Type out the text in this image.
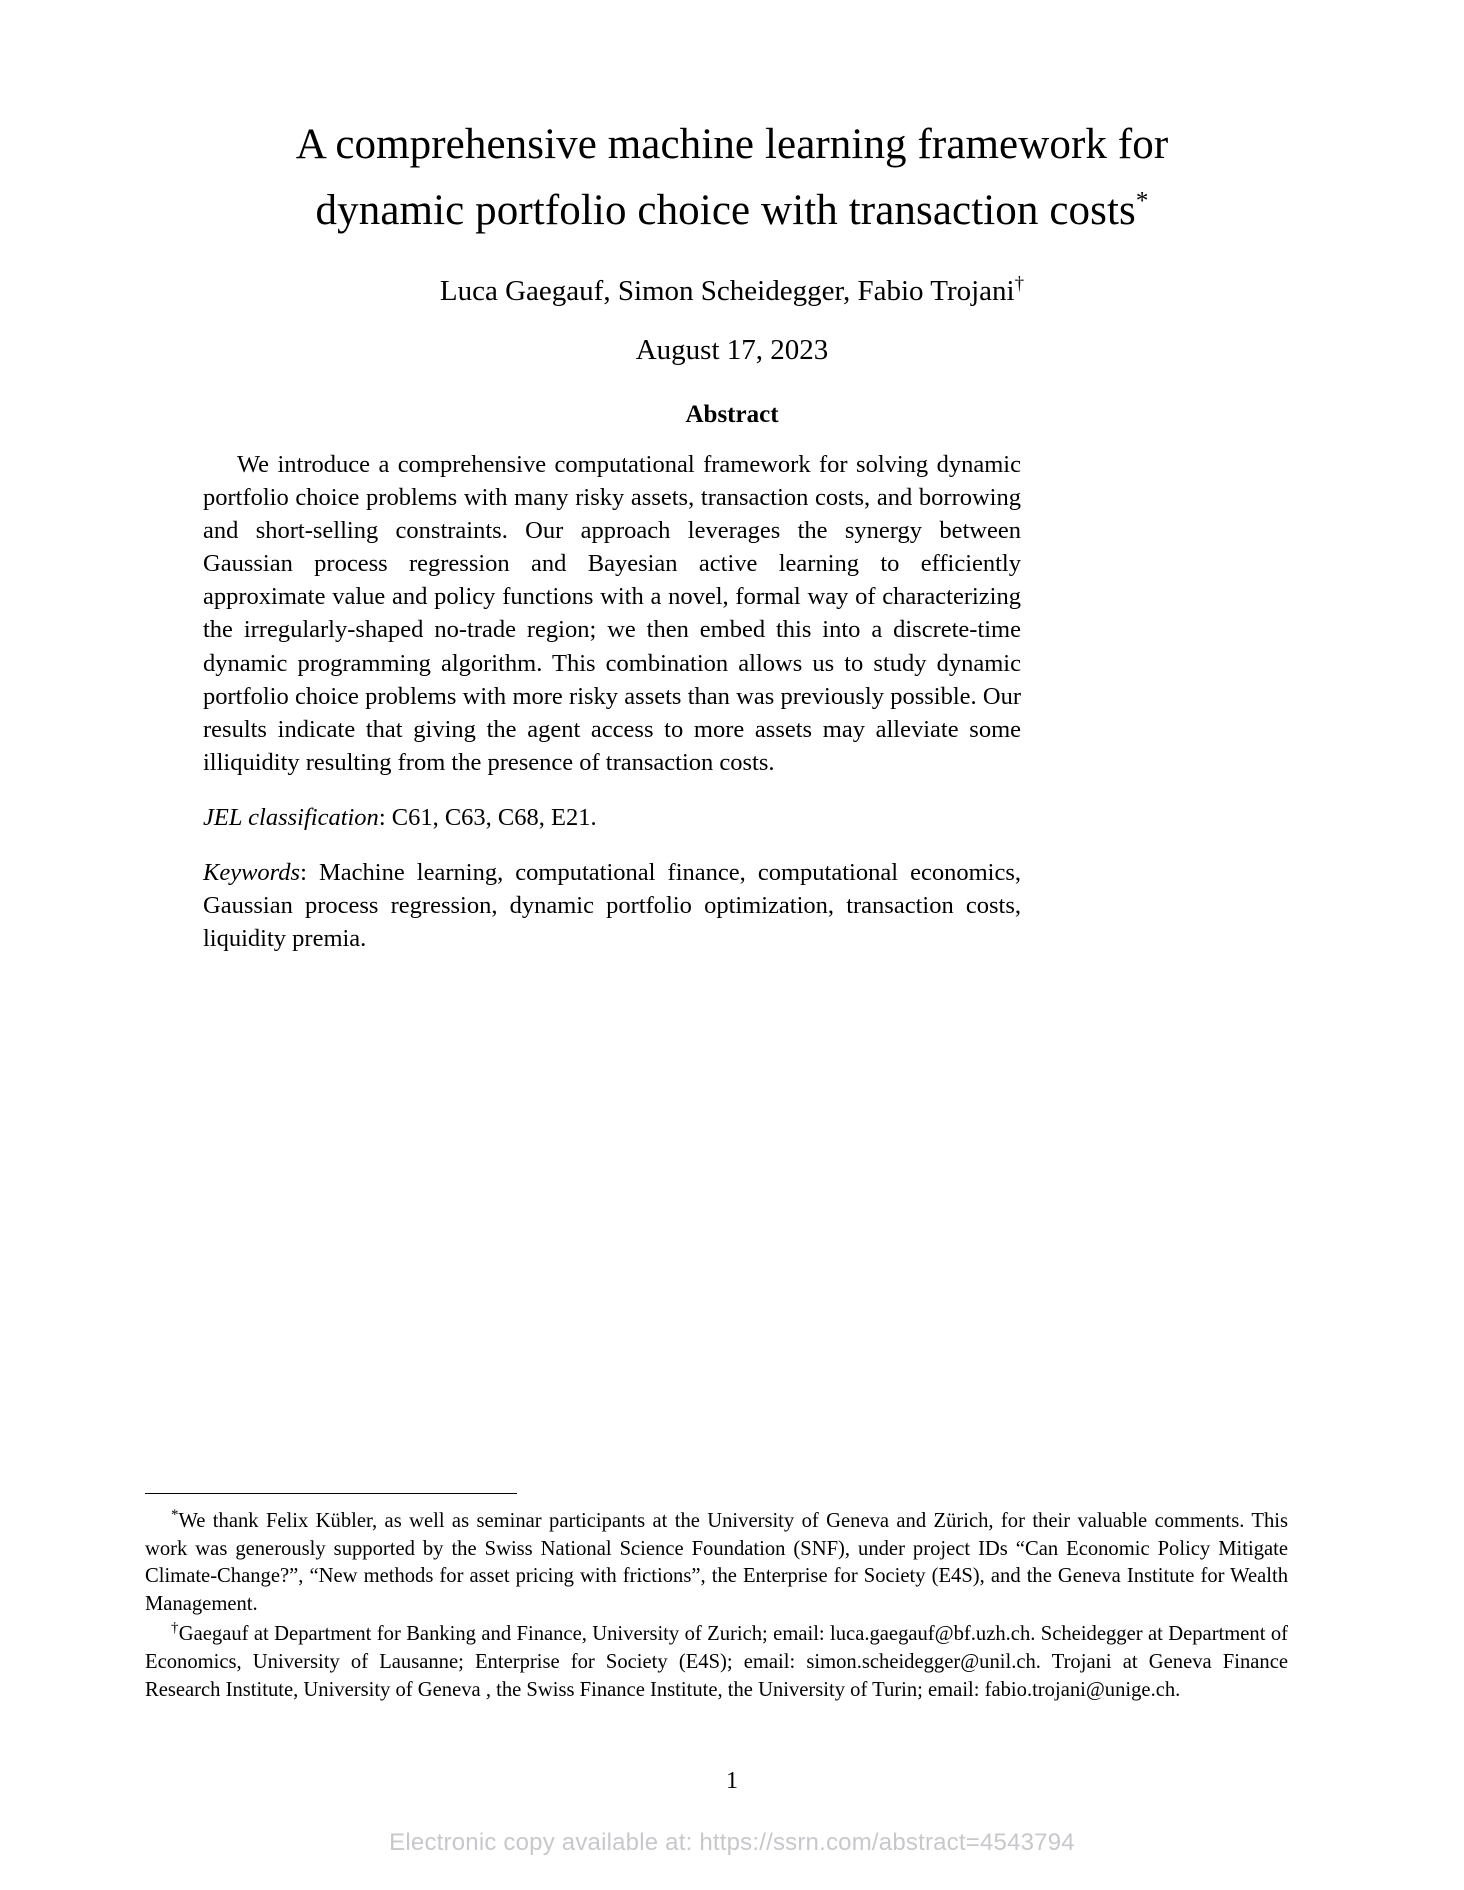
A comprehensive machine learning framework for
dynamic portfolio choice with transaction costs*
Luca Gaegauf, Simon Scheidegger, Fabio Trojani†
August 17, 2023
Abstract

We introduce a comprehensive computational framework for solving dynamic portfolio choice problems with many risky assets, transaction costs, and borrowing and short-selling constraints. Our approach leverages the synergy between Gaussian process regression and Bayesian active learning to efficiently approximate value and policy functions with a novel, formal way of characterizing the irregularly-shaped no-trade region; we then embed this into a discrete-time dynamic programming algorithm. This combination allows us to study dynamic portfolio choice problems with more risky assets than was previously possible. Our results indicate that giving the agent access to more assets may alleviate some illiquidity resulting from the presence of transaction costs.

JEL classification: C61, C63, C68, E21.

Keywords: Machine learning, computational finance, computational economics, Gaussian process regression, dynamic portfolio optimization, transaction costs, liquidity premia.

*We thank Felix Kübler, as well as seminar participants at the University of Geneva and Zürich, for their valuable comments. This work was generously supported by the Swiss National Science Foundation (SNF), under project IDs “Can Economic Policy Mitigate Climate-Change?”, “New methods for asset pricing with frictions”, the Enterprise for Society (E4S), and the Geneva Institute for Wealth Management.

†Gaegauf at Department for Banking and Finance, University of Zurich; email: luca.gaegauf@bf.uzh.ch. Scheidegger at Department of Economics, University of Lausanne; Enterprise for Society (E4S); email: simon.scheidegger@unil.ch. Trojani at Geneva Finance Research Institute, University of Geneva , the Swiss Finance Institute, the University of Turin; email: fabio.trojani@unige.ch.

1
Electronic copy available at: https://ssrn.com/abstract=4543794
